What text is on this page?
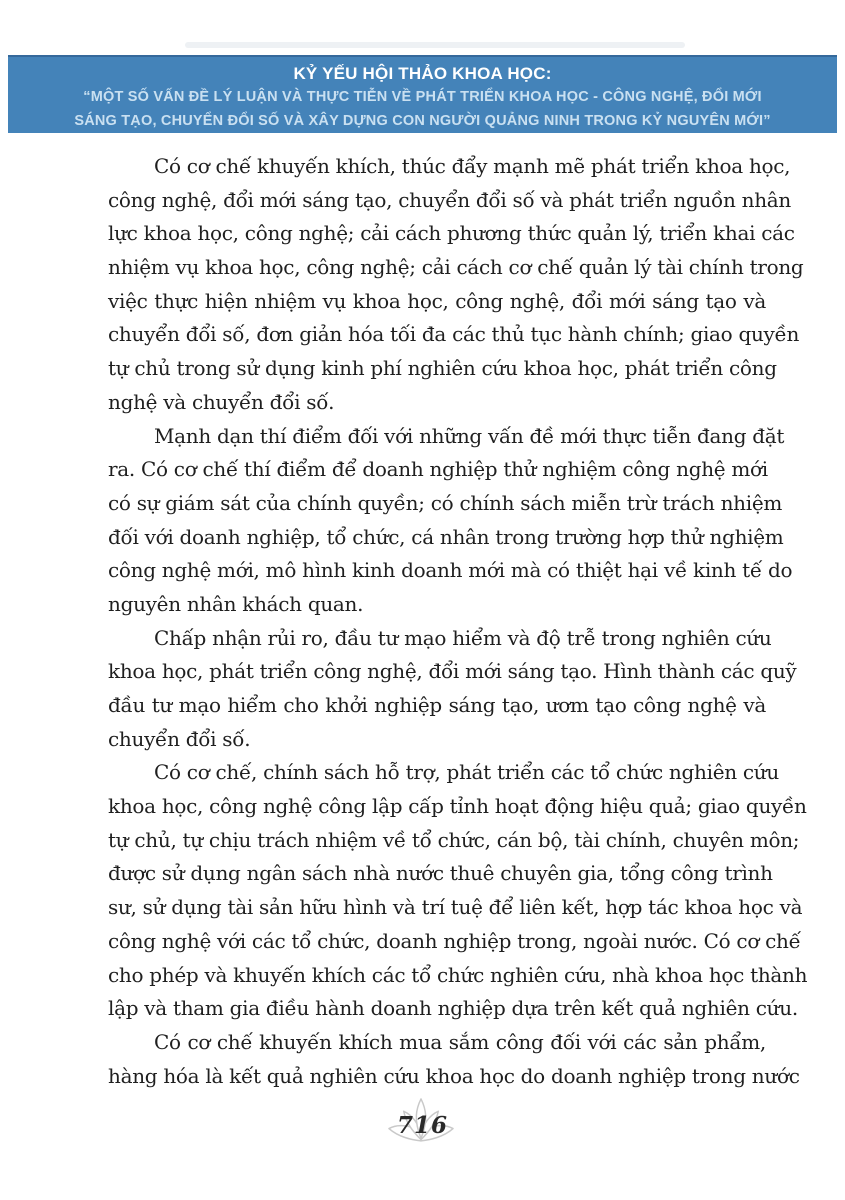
KỶ YẾU HỘI THẢO KHOA HỌC:
“MỘT SỐ VẤN ĐỀ LÝ LUẬN VÀ THỰC TIỄN VỀ PHÁT TRIỂN KHOA HỌC - CÔNG NGHỆ, ĐỔI MỚI
SÁNG TẠO, CHUYỂN ĐỔI SỐ VÀ XÂY DỰNG CON NGƯỜI QUẢNG NINH TRONG KỶ NGUYÊN MỚI”
Có cơ chế khuyến khích, thúc đẩy mạnh mẽ phát triển khoa học,
công nghệ, đổi mới sáng tạo, chuyển đổi số và phát triển nguồn nhân
lực khoa học, công nghệ; cải cách phương thức quản lý, triển khai các
nhiệm vụ khoa học, công nghệ; cải cách cơ chế quản lý tài chính trong
việc thực hiện nhiệm vụ khoa học, công nghệ, đổi mới sáng tạo và
chuyển đổi số, đơn giản hóa tối đa các thủ tục hành chính; giao quyền
tự chủ trong sử dụng kinh phí nghiên cứu khoa học, phát triển công
nghệ và chuyển đổi số.
Mạnh dạn thí điểm đối với những vấn đề mới thực tiễn đang đặt
ra. Có cơ chế thí điểm để doanh nghiệp thử nghiệm công nghệ mới
có sự giám sát của chính quyền; có chính sách miễn trừ trách nhiệm
đối với doanh nghiệp, tổ chức, cá nhân trong trường hợp thử nghiệm
công nghệ mới, mô hình kinh doanh mới mà có thiệt hại về kinh tế do
nguyên nhân khách quan.
Chấp nhận rủi ro, đầu tư mạo hiểm và độ trễ trong nghiên cứu
khoa học, phát triển công nghệ, đổi mới sáng tạo. Hình thành các quỹ
đầu tư mạo hiểm cho khởi nghiệp sáng tạo, ươm tạo công nghệ và
chuyển đổi số.
Có cơ chế, chính sách hỗ trợ, phát triển các tổ chức nghiên cứu
khoa học, công nghệ công lập cấp tỉnh hoạt động hiệu quả; giao quyền
tự chủ, tự chịu trách nhiệm về tổ chức, cán bộ, tài chính, chuyên môn;
được sử dụng ngân sách nhà nước thuê chuyên gia, tổng công trình
sư, sử dụng tài sản hữu hình và trí tuệ để liên kết, hợp tác khoa học và
công nghệ với các tổ chức, doanh nghiệp trong, ngoài nước. Có cơ chế
cho phép và khuyến khích các tổ chức nghiên cứu, nhà khoa học thành
lập và tham gia điều hành doanh nghiệp dựa trên kết quả nghiên cứu.
Có cơ chế khuyến khích mua sắm công đối với các sản phẩm,
hàng hóa là kết quả nghiên cứu khoa học do doanh nghiệp trong nước
716
